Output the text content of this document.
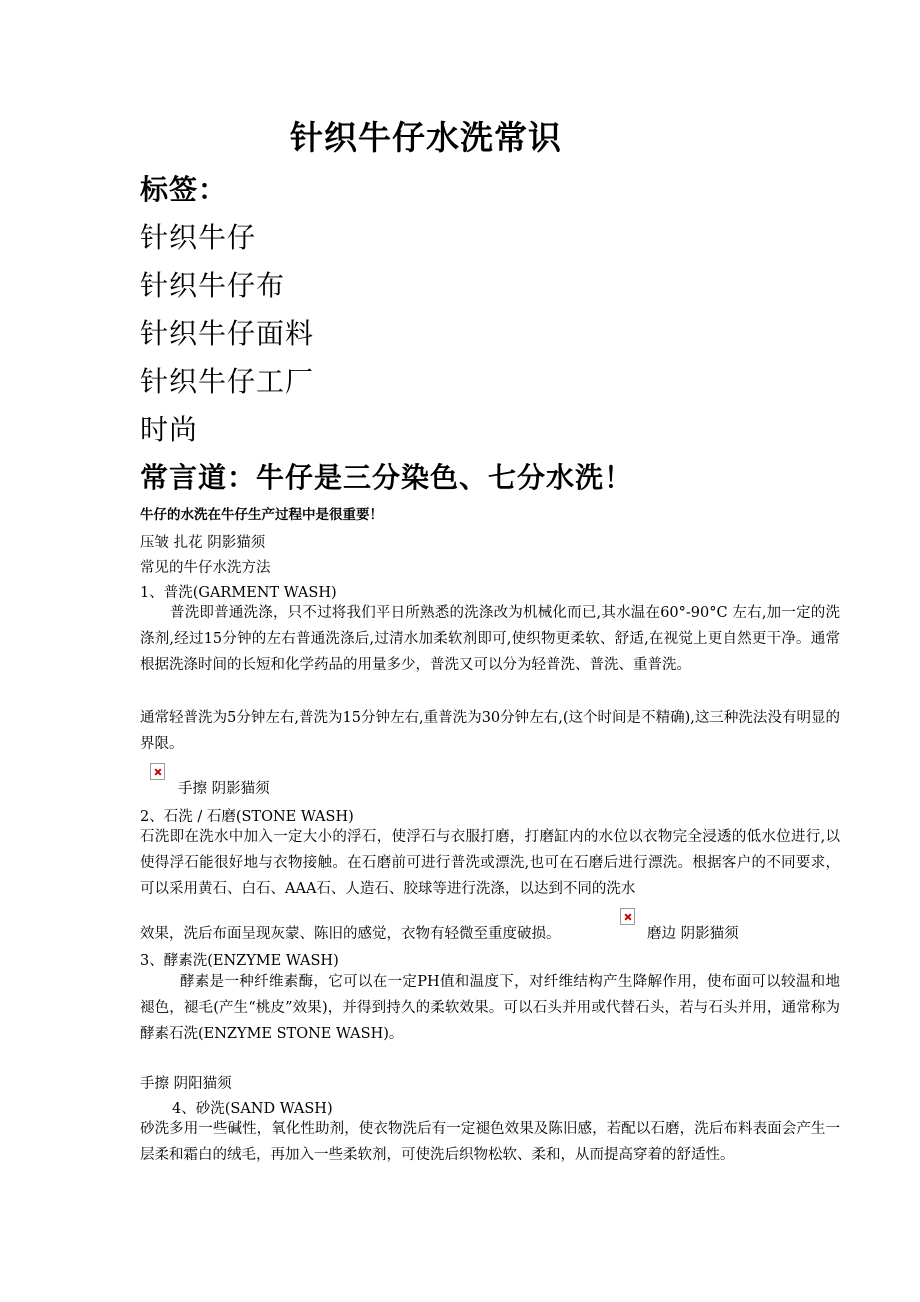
针织牛仔水洗常识
标签：
针织牛仔
针织牛仔布
针织牛仔面料
针织牛仔工厂
时尚
常言道：牛仔是三分染色、七分水洗！
牛仔的水洗在牛仔生产过程中是很重要！
压皱 扎花 阴影猫须
常见的牛仔水洗方法
1、普洗(GARMENT WASH)
普洗即普通洗涤，只不过将我们平日所熟悉的洗涤改为机械化而已,其水温在60°-90°C 左右,加一定的洗涤剂,经过15分钟的左右普通洗涤后,过清水加柔软剂即可,使织物更柔软、舒适,在视觉上更自然更干净。通常根据洗涤时间的长短和化学药品的用量多少，普洗又可以分为轻普洗、普洗、重普洗。
通常轻普洗为5分钟左右,普洗为15分钟左右,重普洗为30分钟左右,(这个时间是不精确),这三种洗法没有明显的界限。
手擦 阴影猫须
2、石洗 / 石磨(STONE WASH)
石洗即在洗水中加入一定大小的浮石，使浮石与衣服打磨，打磨缸内的水位以衣物完全浸透的低水位进行,以使得浮石能很好地与衣物接触。在石磨前可进行普洗或漂洗,也可在石磨后进行漂洗。根据客户的不同要求，可以采用黄石、白石、AAA石、人造石、胶球等进行洗涤，以达到不同的洗水
效果，洗后布面呈现灰蒙、陈旧的感觉，衣物有轻微至重度破损。	磨边 阴影猫须
3、酵素洗(ENZYME WASH)
酵素是一种纤维素酶，它可以在一定PH值和温度下，对纤维结构产生降解作用，使布面可以较温和地褪色，褪毛(产生“桃皮”效果)，并得到持久的柔软效果。可以石头并用或代替石头，若与石头并用，通常称为酵素石洗(ENZYME STONE WASH)。
手擦 阴阳猫须
4、砂洗(SAND WASH)
砂洗多用一些碱性，氧化性助剂，使衣物洗后有一定褪色效果及陈旧感，若配以石磨，洗后布料表面会产生一层柔和霜白的绒毛，再加入一些柔软剂，可使洗后织物松软、柔和，从而提高穿着的舒适性。
